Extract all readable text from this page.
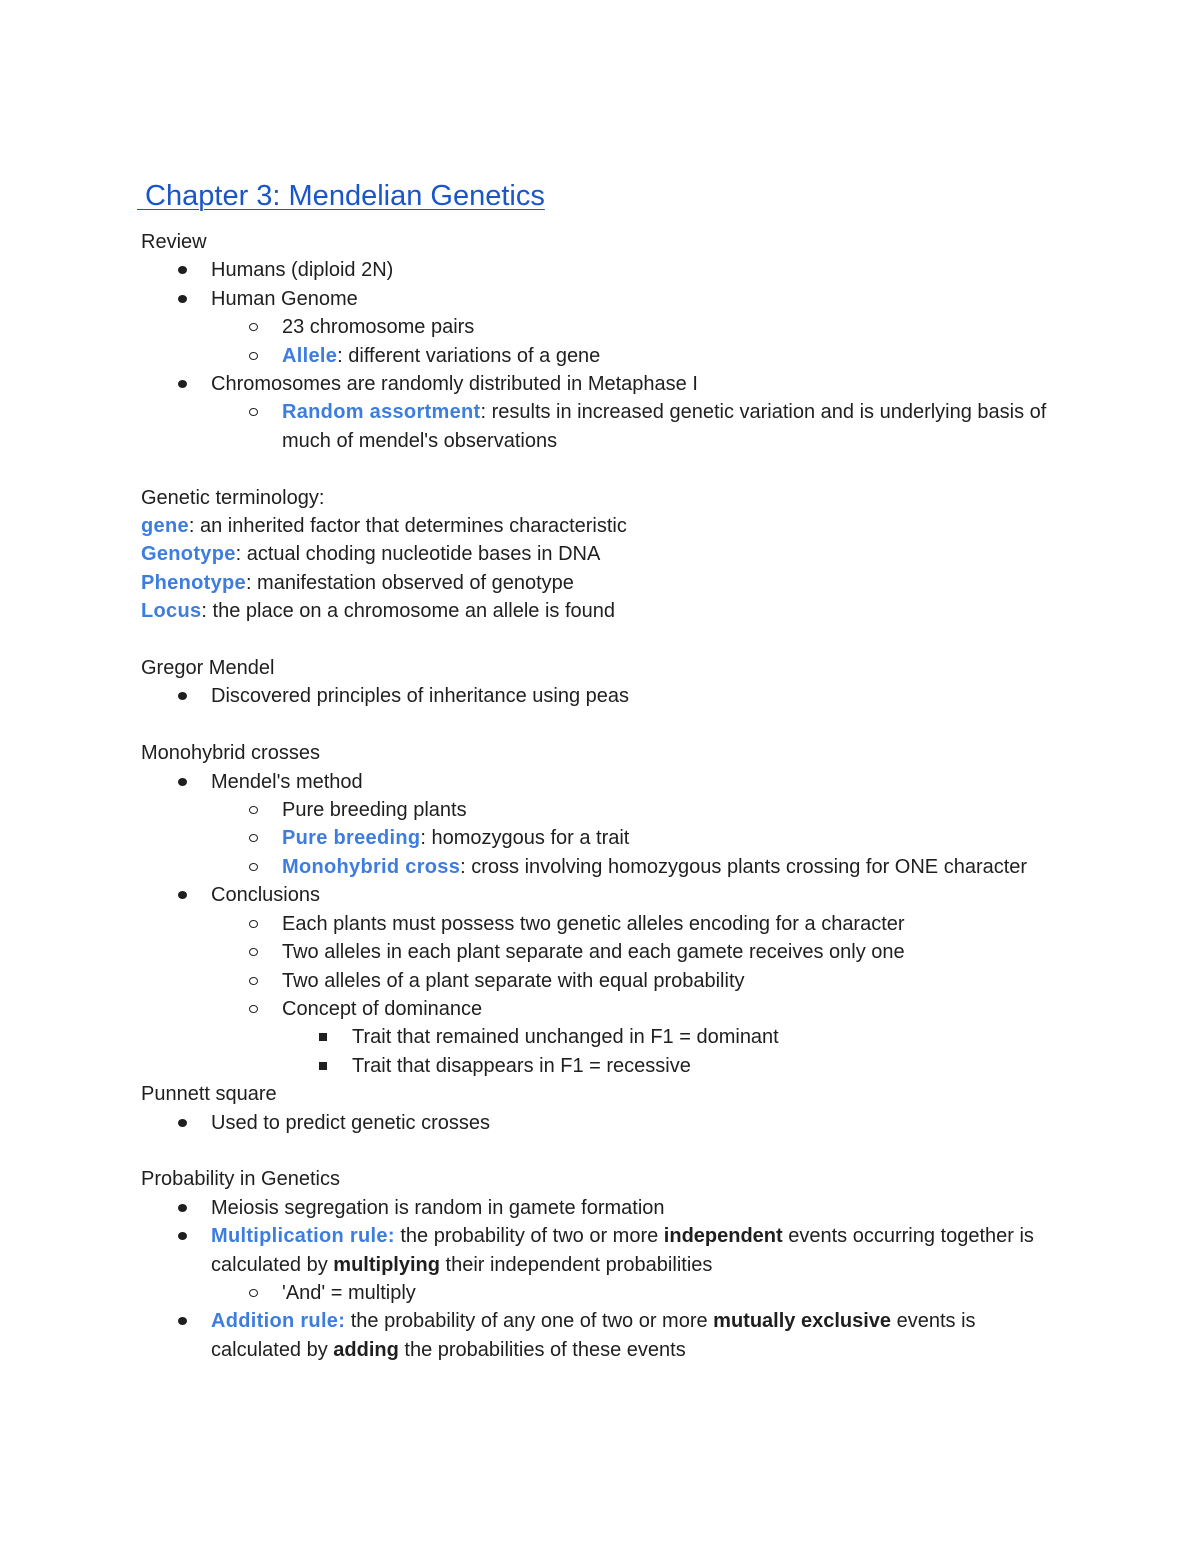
Chapter 3: Mendelian Genetics
Review
Humans (diploid 2N)
Human Genome
23 chromosome pairs
Allele: different variations of a gene
Chromosomes are randomly distributed in Metaphase I
Random assortment: results in increased genetic variation and is underlying basis of much of mendel's observations
Genetic terminology:
gene: an inherited factor that determines characteristic
Genotype: actual choding nucleotide bases in DNA
Phenotype: manifestation observed of genotype
Locus: the place on a chromosome an allele is found
Gregor Mendel
Discovered principles of inheritance using peas
Monohybrid crosses
Mendel's method
Pure breeding plants
Pure breeding: homozygous for a trait
Monohybrid cross: cross involving homozygous plants crossing for ONE character
Conclusions
Each plants must possess two genetic alleles encoding for a character
Two alleles in each plant separate and each gamete receives only one
Two alleles of a plant separate with equal probability
Concept of dominance
Trait that remained unchanged in F1 = dominant
Trait that disappears in F1 = recessive
Punnett square
Used to predict genetic crosses
Probability in Genetics
Meiosis segregation is random in gamete formation
Multiplication rule: the probability of two or more independent events occurring together is calculated by multiplying their independent probabilities
'And' = multiply
Addition rule: the probability of any one of two or more mutually exclusive events is calculated by adding the probabilities of these events
